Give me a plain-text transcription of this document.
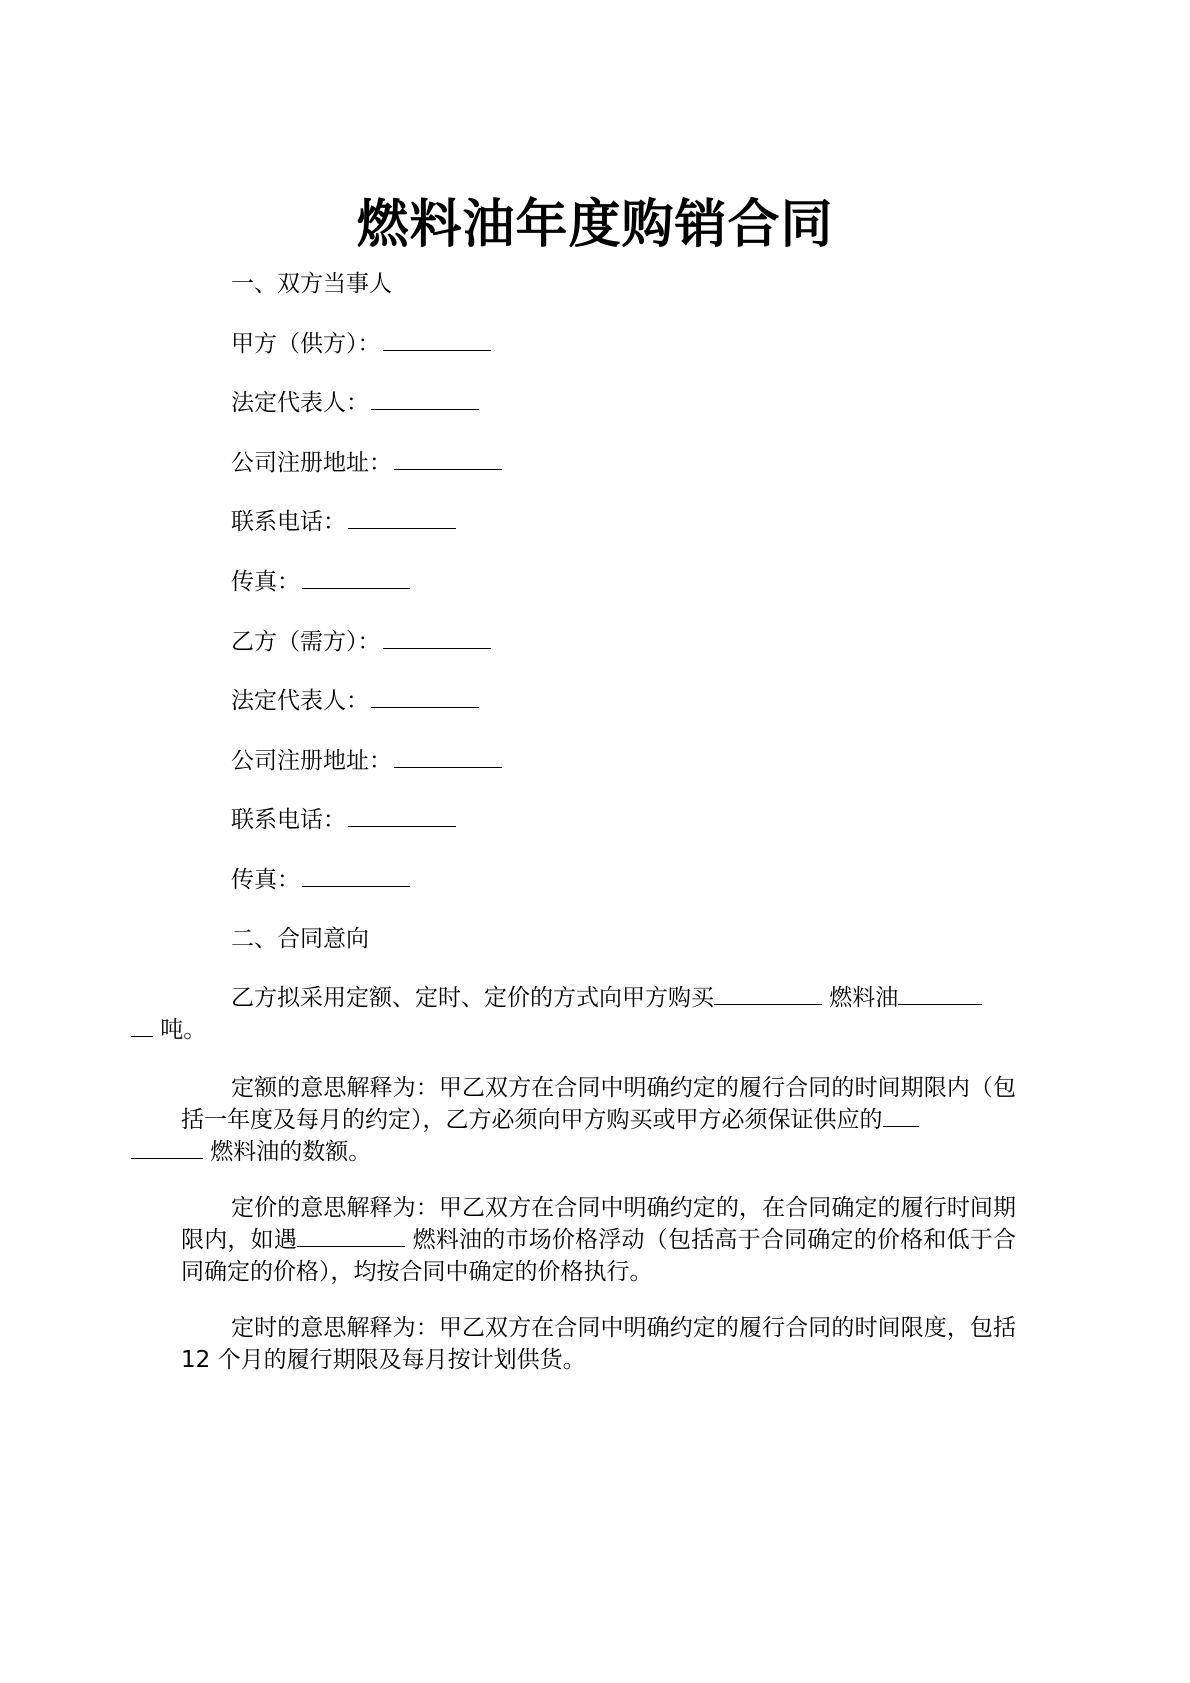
燃料油年度购销合同
一、双方当事人
甲方（供方）：
法定代表人：
公司注册地址：
联系电话：
传真：
乙方（需方）：
法定代表人：
公司注册地址：
联系电话：
传真：
二、合同意向
乙方拟采用定额、定时、定价的方式向甲方购买	燃料油
吨。
定额的意思解释为：甲乙双方在合同中明确约定的履行合同的时间期限内（包括一年度及每月的约定），乙方必须向甲方购买或甲方必须保证供应的
燃料油的数额。
定价的意思解释为：甲乙双方在合同中明确约定的，在合同确定的履行时间期限内，如遇	燃料油的市场价格浮动（包括高于合同确定的价格和低于合同确定的价格），均按合同中确定的价格执行。
定时的意思解释为：甲乙双方在合同中明确约定的履行合同的时间限度，包括 12 个月的履行期限及每月按计划供货。
